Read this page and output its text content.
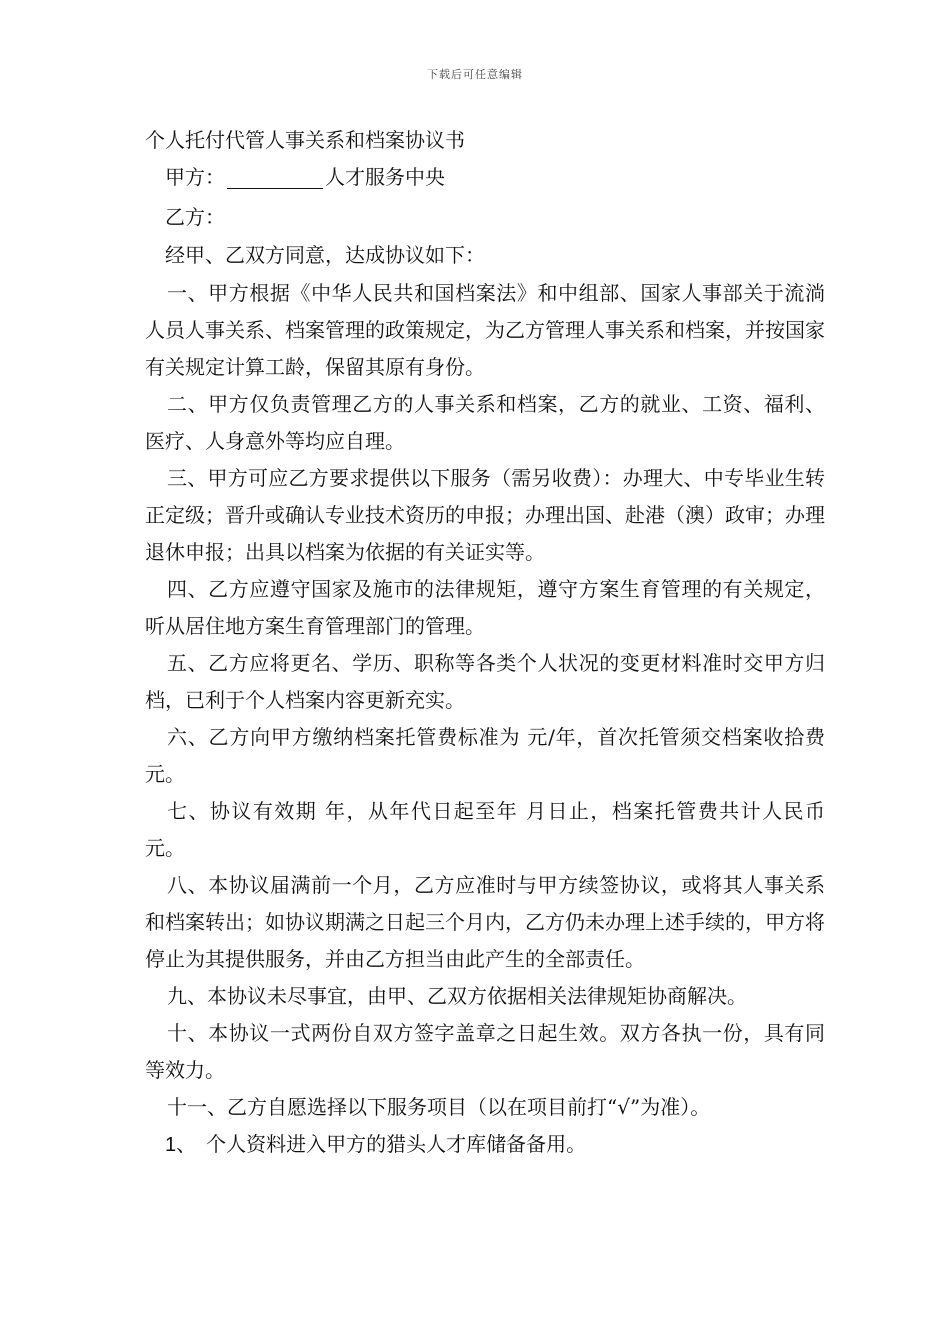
下载后可任意编辑
个人托付代管人事关系和档案协议书
甲方：	人才服务中央
乙方：
经甲、乙双方同意，达成协议如下：
一、甲方根据《中华人民共和国档案法》和中组部、国家人事部关于流淌人员人事关系、档案管理的政策规定，为乙方管理人事关系和档案，并按国家有关规定计算工龄，保留其原有身份。
二、甲方仅负责管理乙方的人事关系和档案，乙方的就业、工资、福利、医疗、人身意外等均应自理。
三、甲方可应乙方要求提供以下服务（需另收费）：办理大、中专毕业生转正定级；晋升或确认专业技术资历的申报；办理出国、赴港（澳）政审；办理退休申报；出具以档案为依据的有关证实等。
四、乙方应遵守国家及施市的法律规矩，遵守方案生育管理的有关规定，听从居住地方案生育管理部门的管理。
五、乙方应将更名、学历、职称等各类个人状况的变更材料准时交甲方归档，已利于个人档案内容更新充实。
六、乙方向甲方缴纳档案托管费标准为 元/年，首次托管须交档案收拾费 元。
七、协议有效期 年，从年代日起至年 月日止，档案托管费共计人民币 元。
八、本协议届满前一个月，乙方应准时与甲方续签协议，或将其人事关系和档案转出；如协议期满之日起三个月内，乙方仍未办理上述手续的，甲方将停止为其提供服务，并由乙方担当由此产生的全部责任。
九、本协议未尽事宜，由甲、乙双方依据相关法律规矩协商解决。
十、本协议一式两份自双方签字盖章之日起生效。双方各执一份，具有同等效力。
十一、乙方自愿选择以下服务项目（以在项目前打“√”为准）。
1、 个人资料进入甲方的猎头人才库储备备用。
